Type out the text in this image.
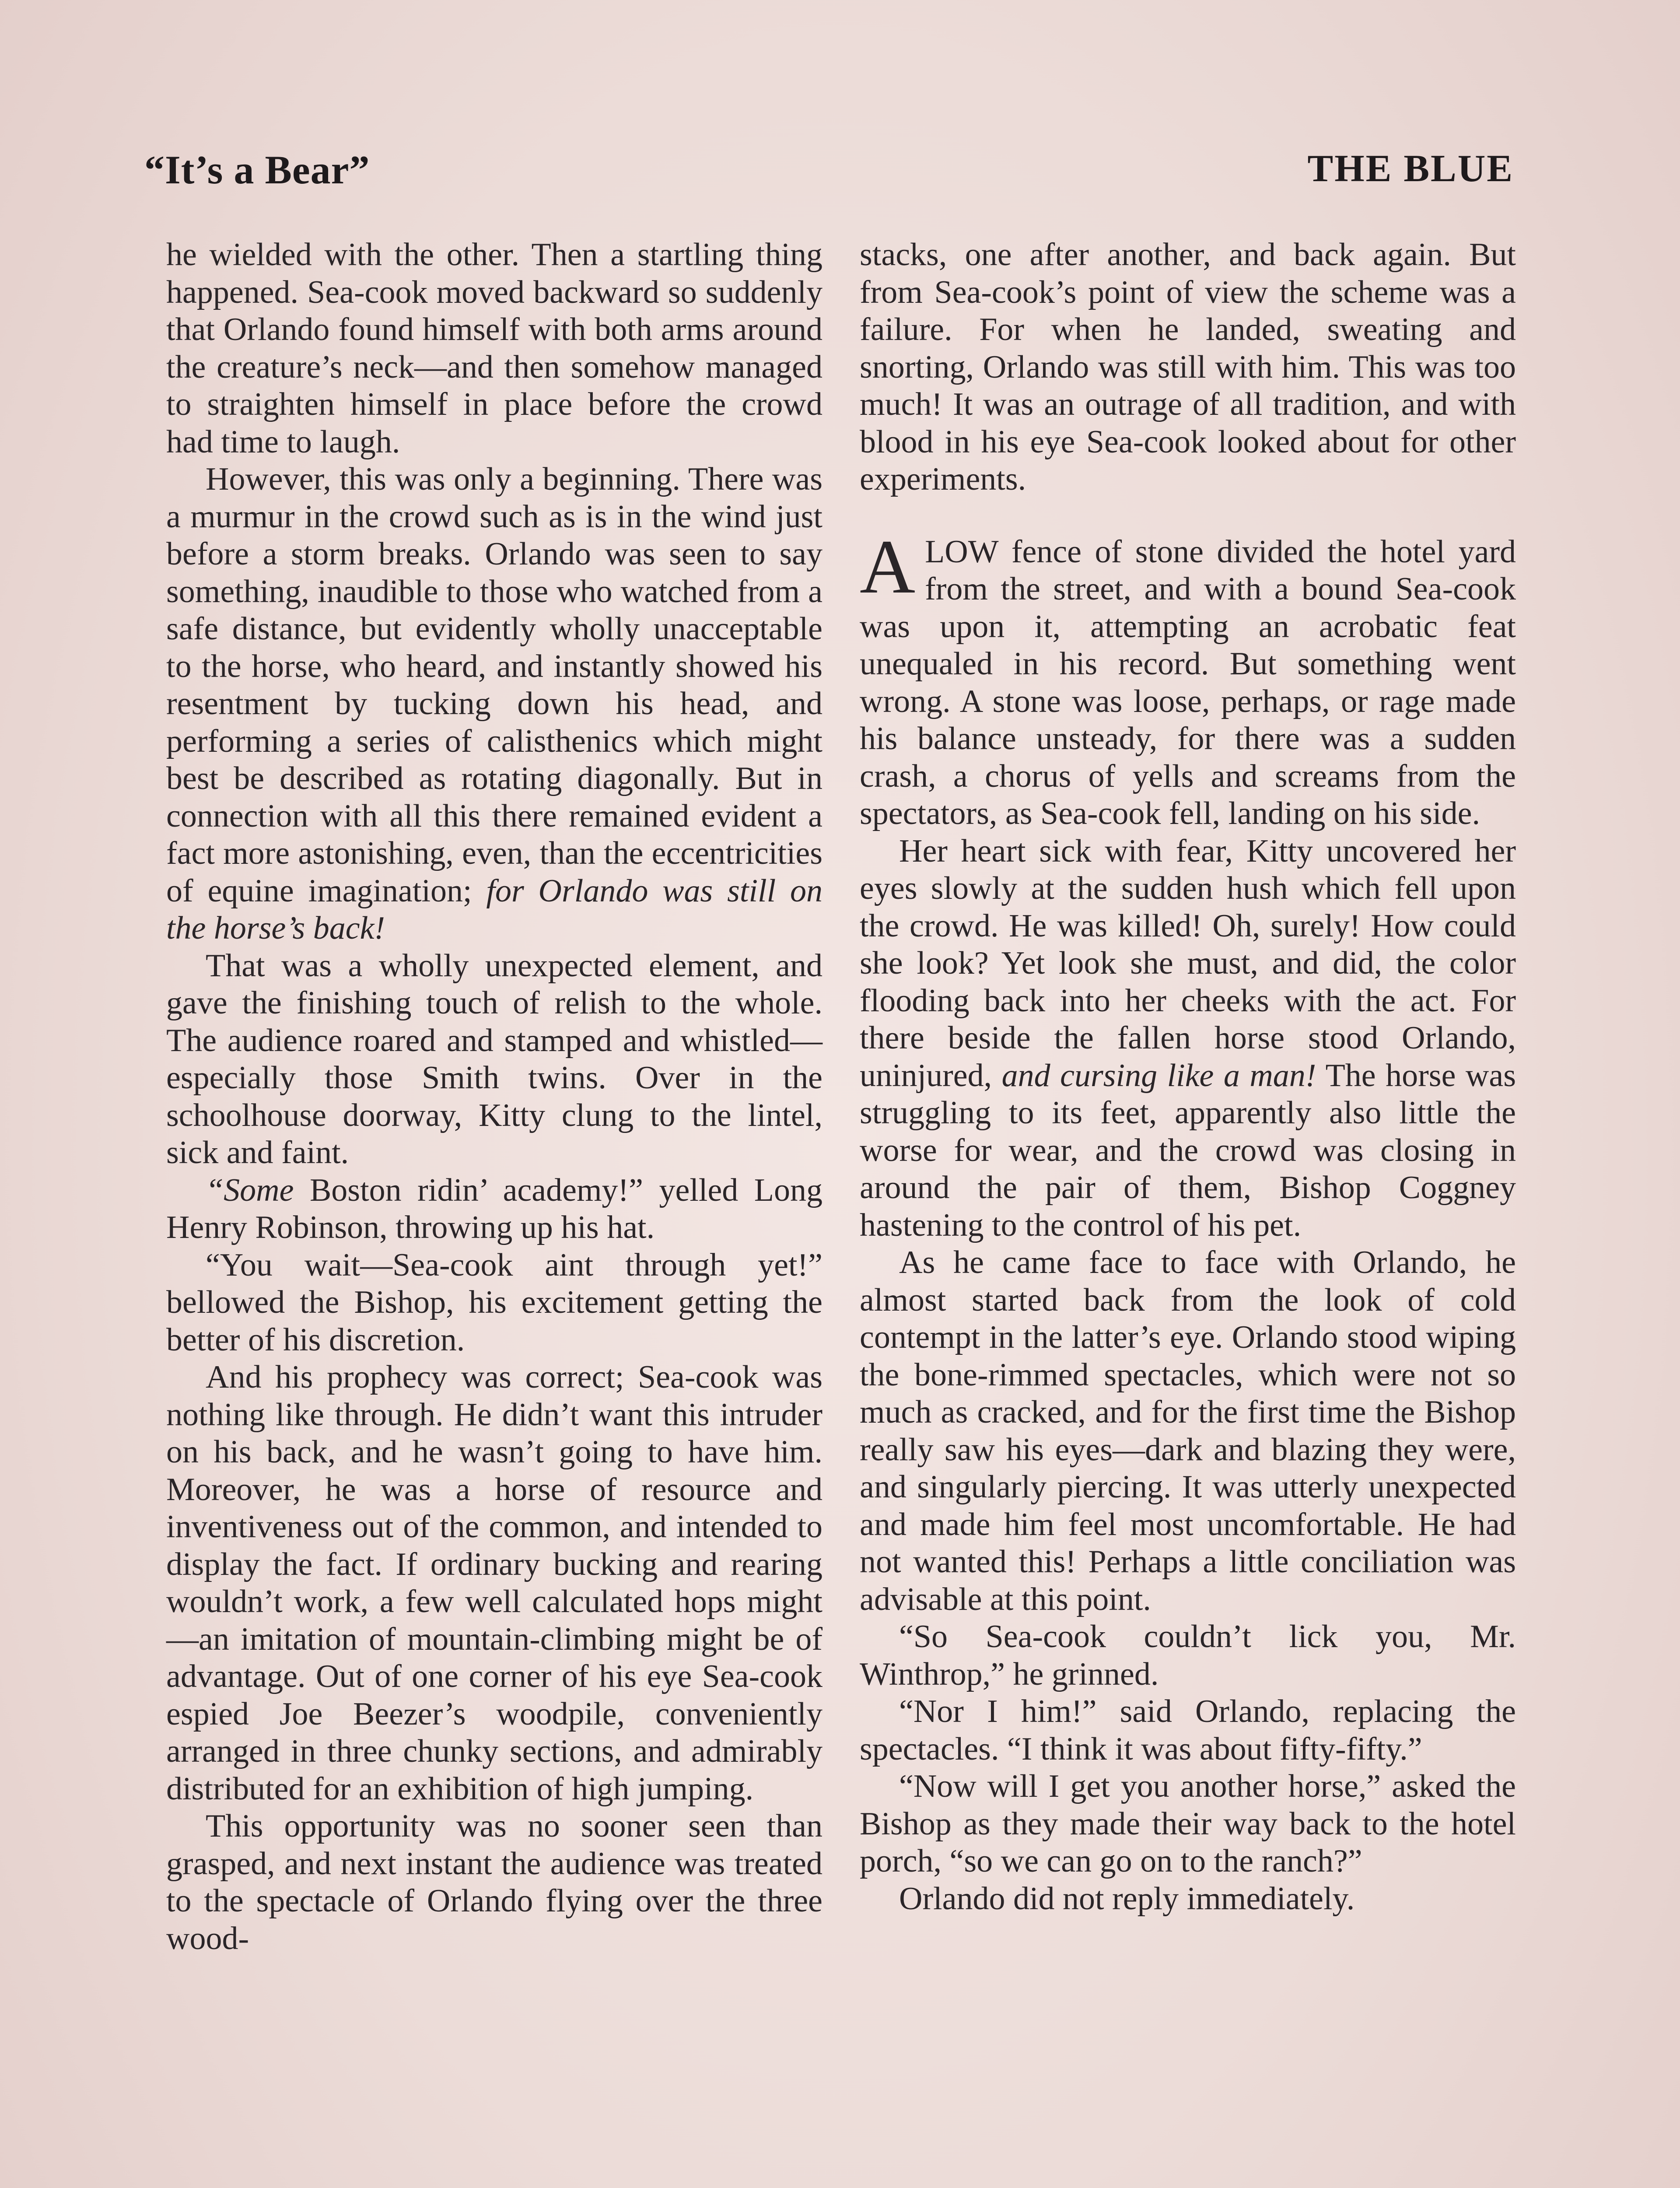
“It’s a Bear”	THE BLUE

he wielded with the other. Then a startling thing happened. Sea-cook moved backward so suddenly that Orlando found himself with both arms around the creature’s neck—and then somehow managed to straighten himself in place before the crowd had time to laugh.

However, this was only a beginning. There was a murmur in the crowd such as is in the wind just before a storm breaks. Orlando was seen to say something, inaudible to those who watched from a safe distance, but evidently wholly unacceptable to the horse, who heard, and instantly showed his resentment by tucking down his head, and performing a series of calisthenics which might best be described as rotating diagonally. But in connection with all this there remained evident a fact more astonishing, even, than the eccentricities of equine imagination; for Orlando was still on the horse’s back!

That was a wholly unexpected element, and gave the finishing touch of relish to the whole. The audience roared and stamped and whistled—especially those Smith twins. Over in the schoolhouse doorway, Kitty clung to the lintel, sick and faint.

“Some Boston ridin’ academy!” yelled Long Henry Robinson, throwing up his hat.

“You wait—Sea-cook aint through yet!” bellowed the Bishop, his excitement getting the better of his discretion.

And his prophecy was correct; Sea-cook was nothing like through. He didn’t want this intruder on his back, and he wasn’t going to have him. Moreover, he was a horse of resource and inventiveness out of the common, and intended to display the fact. If ordinary bucking and rearing wouldn’t work, a few well calculated hops might—an imitation of mountain-climbing might be of advantage. Out of one corner of his eye Sea-cook espied Joe Beezer’s woodpile, conveniently arranged in three chunky sections, and admirably distributed for an exhibition of high jumping.

This opportunity was no sooner seen than grasped, and next instant the audience was treated to the spectacle of Orlando flying over the three wood-

stacks, one after another, and back again. But from Sea-cook’s point of view the scheme was a failure. For when he landed, sweating and snorting, Orlando was still with him. This was too much! It was an outrage of all tradition, and with blood in his eye Sea-cook looked about for other experiments.

ALOW fence of stone divided the hotel yard from the street, and with a bound Sea-cook was upon it, attempting an acrobatic feat unequaled in his record. But something went wrong. A stone was loose, perhaps, or rage made his balance unsteady, for there was a sudden crash, a chorus of yells and screams from the spectators, as Sea-cook fell, landing on his side.

Her heart sick with fear, Kitty uncovered her eyes slowly at the sudden hush which fell upon the crowd. He was killed! Oh, surely! How could she look? Yet look she must, and did, the color flooding back into her cheeks with the act. For there beside the fallen horse stood Orlando, uninjured, and cursing like a man! The horse was struggling to its feet, apparently also little the worse for wear, and the crowd was closing in around the pair of them, Bishop Coggney hastening to the control of his pet.

As he came face to face with Orlando, he almost started back from the look of cold contempt in the latter’s eye. Orlando stood wiping the bone-rimmed spectacles, which were not so much as cracked, and for the first time the Bishop really saw his eyes—dark and blazing they were, and singularly piercing. It was utterly unexpected and made him feel most uncomfortable. He had not wanted this! Perhaps a little conciliation was advisable at this point.

“So Sea-cook couldn’t lick you, Mr. Winthrop,” he grinned.

“Nor I him!” said Orlando, replacing the spectacles. “I think it was about fifty-fifty.”

“Now will I get you another horse,” asked the Bishop as they made their way back to the hotel porch, “so we can go on to the ranch?”

Orlando did not reply immediately.
